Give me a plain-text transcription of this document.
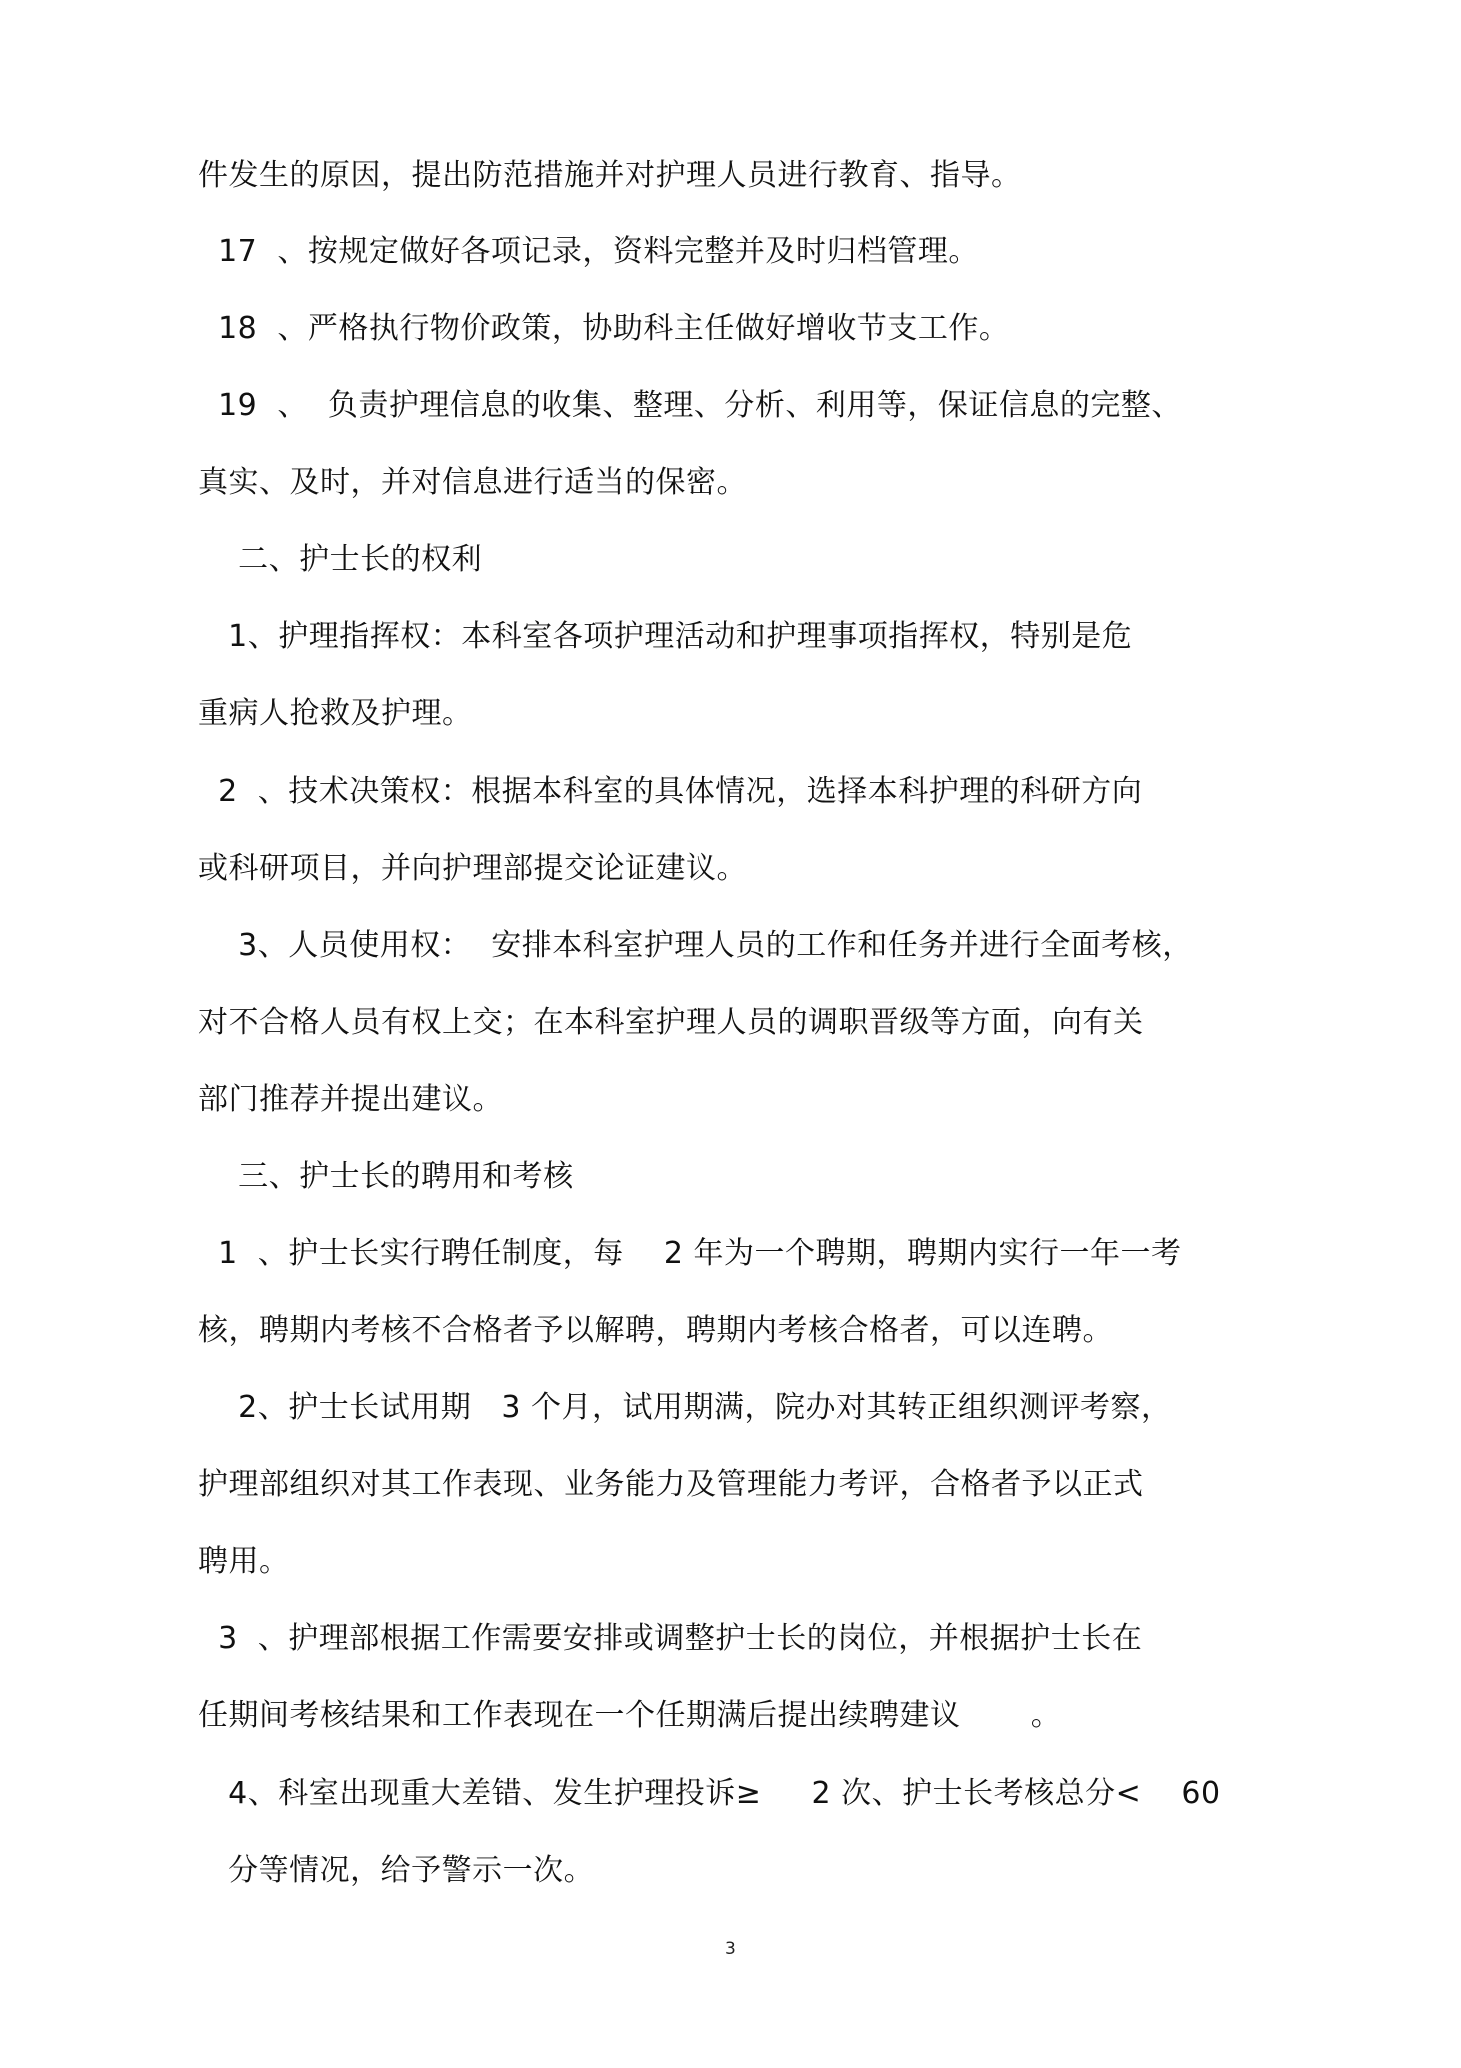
件发生的原因，提出防范措施并对护理人员进行教育、指导。

17  、按规定做好各项记录，资料完整并及时归档管理。

18  、严格执行物价政策，协助科主任做好增收节支工作。

19  、  负责护理信息的收集、整理、分析、利用等，保证信息的完整、

真实、及时，并对信息进行适当的保密。

二、护士长的权利

1、护理指挥权：本科室各项护理活动和护理事项指挥权，特别是危

重病人抢救及护理。

2  、技术决策权：根据本科室的具体情况，选择本科护理的科研方向

或科研项目，并向护理部提交论证建议。

3、人员使用权：  安排本科室护理人员的工作和任务并进行全面考核，

对不合格人员有权上交；在本科室护理人员的调职晋级等方面，向有关

部门推荐并提出建议。

三、护士长的聘用和考核

1  、护士长实行聘任制度，每    2 年为一个聘期，聘期内实行一年一考

核，聘期内考核不合格者予以解聘，聘期内考核合格者，可以连聘。

2、护士长试用期   3 个月，试用期满，院办对其转正组织测评考察，

护理部组织对其工作表现、业务能力及管理能力考评，合格者予以正式

聘用。

3  、护理部根据工作需要安排或调整护士长的岗位，并根据护士长在

任期间考核结果和工作表现在一个任期满后提出续聘建议       。

4、科室出现重大差错、发生护理投诉≥     2 次、护士长考核总分<    60

分等情况，给予警示一次。

3
